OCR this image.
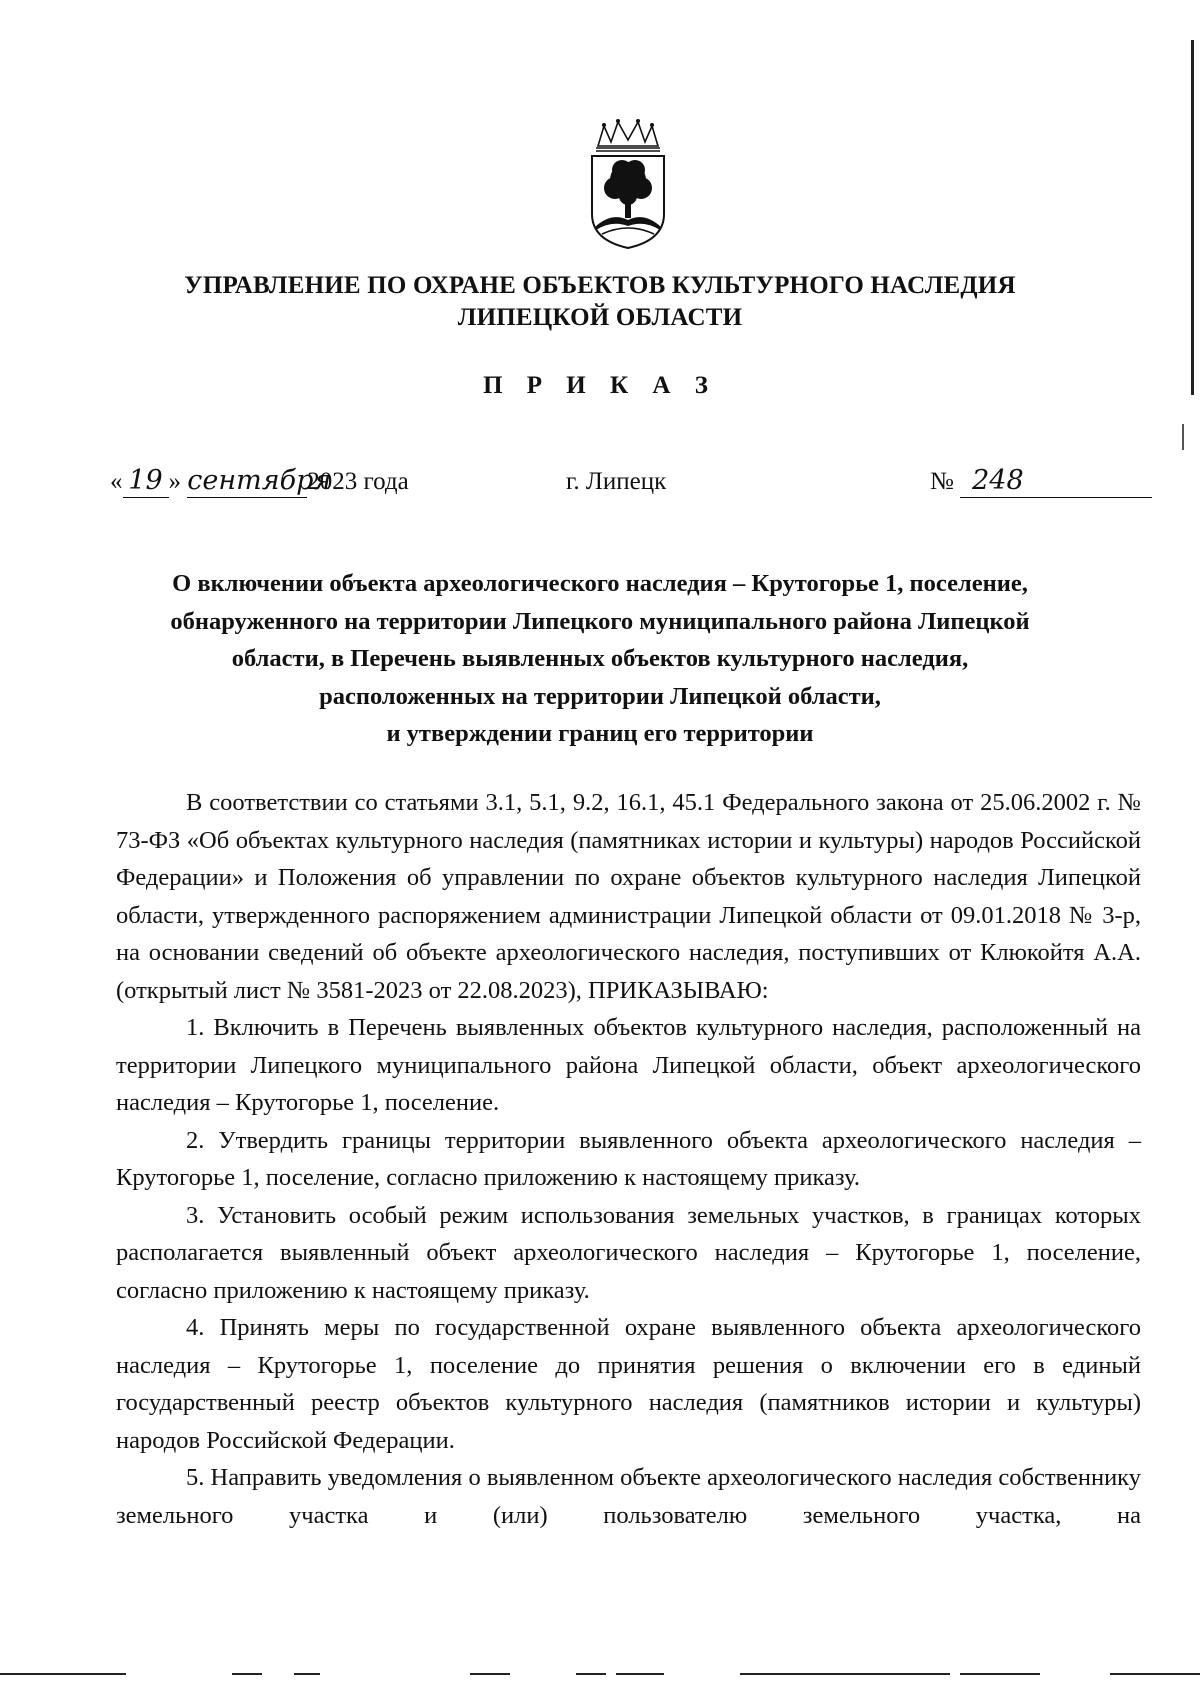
УПРАВЛЕНИЕ ПО ОХРАНЕ ОБЪЕКТОВ КУЛЬТУРНОГО НАСЛЕДИЯ
ЛИПЕЦКОЙ ОБЛАСТИ
П Р И К А З
« 19 » сентября2023 года	г. Липецк	№ 248
О включении объекта археологического наследия – Крутогорье 1, поселение,
обнаруженного на территории Липецкого муниципального района Липецкой
области, в Перечень выявленных объектов культурного наследия,
расположенных на территории Липецкой области,
и утверждении границ его территории

В соответствии со статьями 3.1, 5.1, 9.2, 16.1, 45.1 Федерального закона от 25.06.2002 г. № 73-ФЗ «Об объектах культурного наследия (памятниках истории и культуры) народов Российской Федерации» и Положения об управлении по охране объектов культурного наследия Липецкой области, утвержденного распоряжением администрации Липецкой области от 09.01.2018 № 3-р, на основании сведений об объекте археологического наследия, поступивших от Клюкойтя А.А. (открытый лист № 3581-2023 от 22.08.2023), ПРИКАЗЫВАЮ:

1. Включить в Перечень выявленных объектов культурного наследия, расположенный на территории Липецкого муниципального района Липецкой области, объект археологического наследия – Крутогорье 1, поселение.

2. Утвердить границы территории выявленного объекта археологического наследия – Крутогорье 1, поселение, согласно приложению к настоящему приказу.

3. Установить особый режим использования земельных участков, в границах которых располагается выявленный объект археологического наследия – Крутогорье 1, поселение, согласно приложению к настоящему приказу.

4. Принять меры по государственной охране выявленного объекта археологического наследия – Крутогорье 1, поселение до принятия решения о включении его в единый государственный реестр объектов культурного наследия (памятников истории и культуры) народов Российской Федерации.

5. Направить уведомления о выявленном объекте археологического наследия собственнику земельного участка и (или) пользователю земельного участка, на
